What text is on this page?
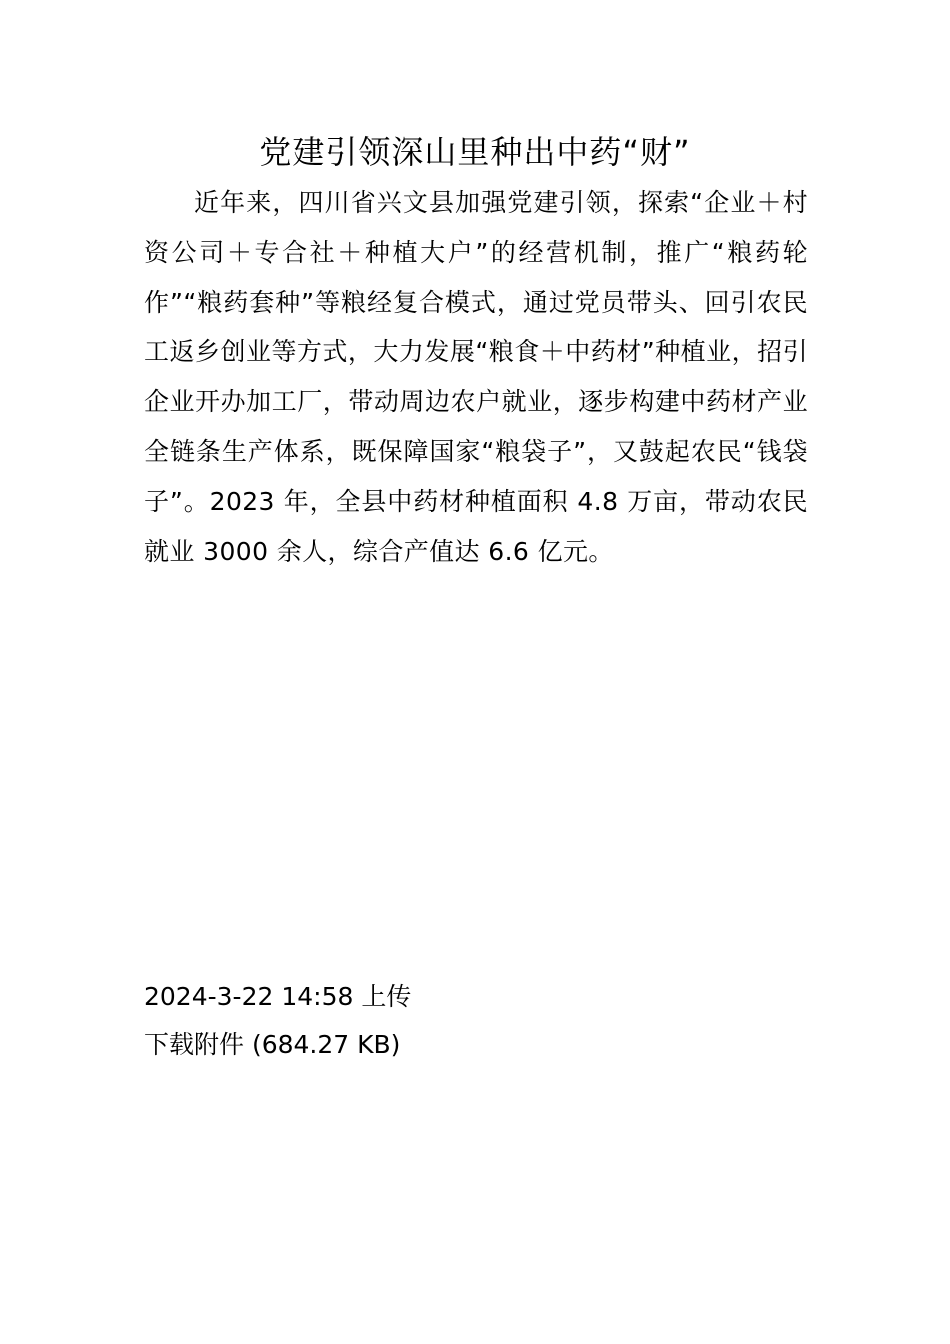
党建引领深山里种出中药“财”

近年来，四川省兴文县加强党建引领，探索“企业＋村资公司＋专合社＋种植大户”的经营机制，推广“粮药轮作”“粮药套种”等粮经复合模式，通过党员带头、回引农民工返乡创业等方式，大力发展“粮食＋中药材”种植业，招引企业开办加工厂，带动周边农户就业，逐步构建中药材产业全链条生产体系，既保障国家“粮袋子”，又鼓起农民“钱袋子”。2023 年，全县中药材种植面积 4.8 万亩，带动农民就业 3000 余人，综合产值达 6.6 亿元。

2024-3-22 14:58 上传

下载附件 (684.27 KB)
